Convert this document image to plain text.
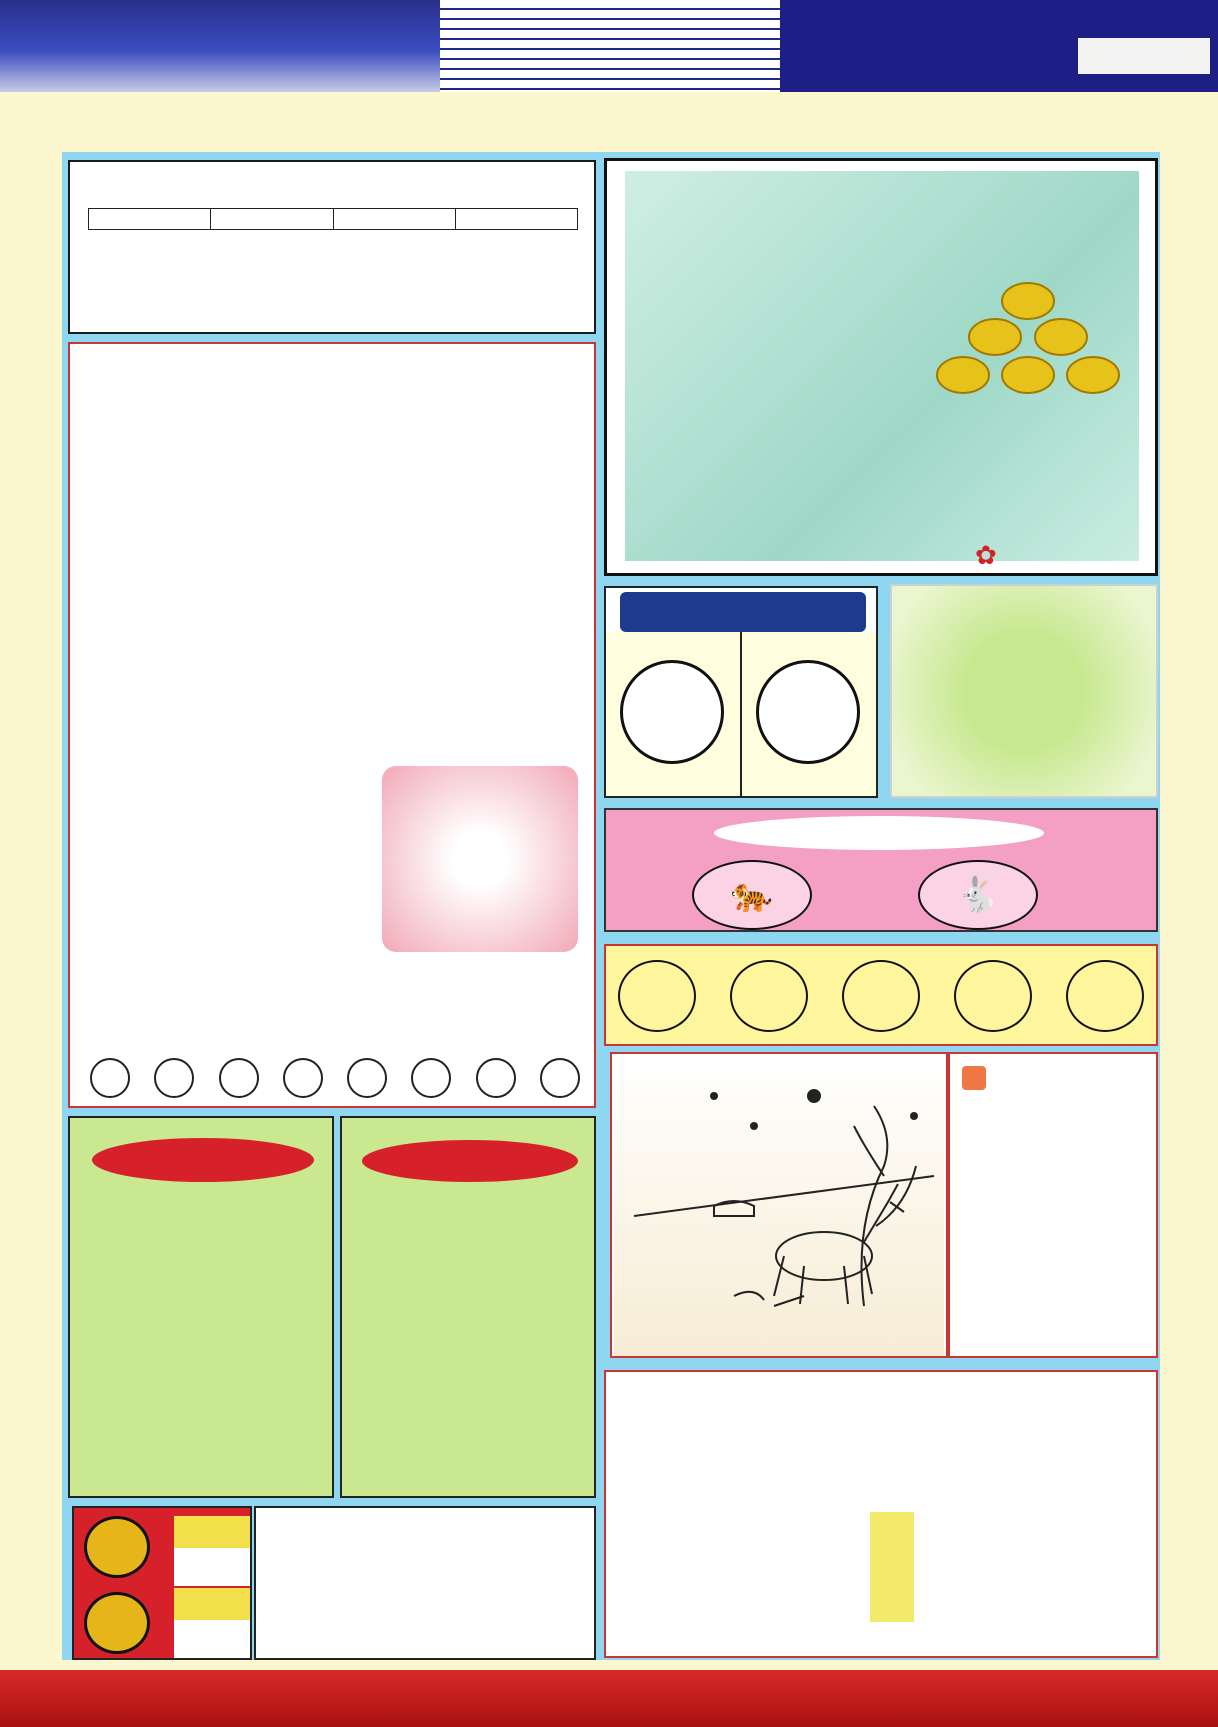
✿
🐅	🐇
